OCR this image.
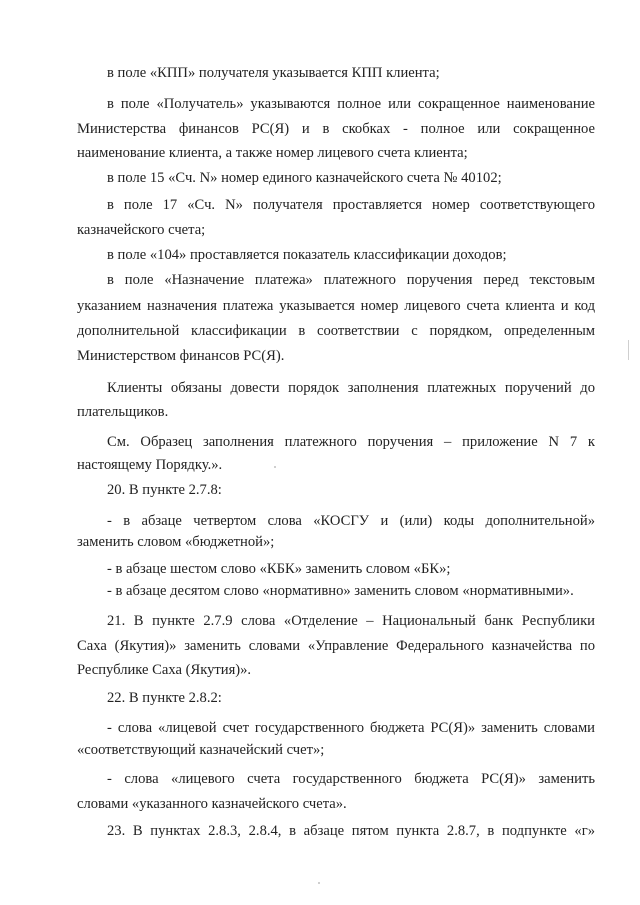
в поле «КПП» получателя указывается КПП клиента;
в поле «Получатель» указываются полное или сокращенное наименование
Министерства финансов РС(Я) и в скобках - полное или сокращенное
наименование клиента, а также номер лицевого счета клиента;
в поле 15 «Сч. N» номер единого казначейского счета № 40102;
в поле 17 «Сч. N» получателя проставляется номер соответствующего
казначейского счета;
в поле «104» проставляется показатель классификации доходов;
в поле «Назначение платежа» платежного поручения перед текстовым
указанием назначения платежа указывается номер лицевого счета клиента и код
дополнительной классификации в соответствии с порядком, определенным
Министерством финансов РС(Я).
Клиенты обязаны довести порядок заполнения платежных поручений до
плательщиков.
См. Образец заполнения платежного поручения – приложение N 7 к
настоящему Порядку.».
20. В пункте 2.7.8:
- в абзаце четвертом слова «КОСГУ и (или) коды дополнительной»
заменить словом «бюджетной»;
- в абзаце шестом слово «КБК» заменить словом «БК»;
- в абзаце десятом слово «нормативно» заменить словом «нормативными».
21. В пункте 2.7.9 слова «Отделение – Национальный банк Республики
Саха (Якутия)» заменить словами «Управление Федерального казначейства по
Республике Саха (Якутия)».
22. В пункте 2.8.2:
- слова «лицевой счет государственного бюджета РС(Я)» заменить словами
«соответствующий казначейский счет»;
- слова «лицевого счета государственного бюджета РС(Я)» заменить
словами «указанного казначейского счета».
23. В пунктах 2.8.3, 2.8.4, в абзаце пятом пункта 2.8.7, в подпункте «г»
